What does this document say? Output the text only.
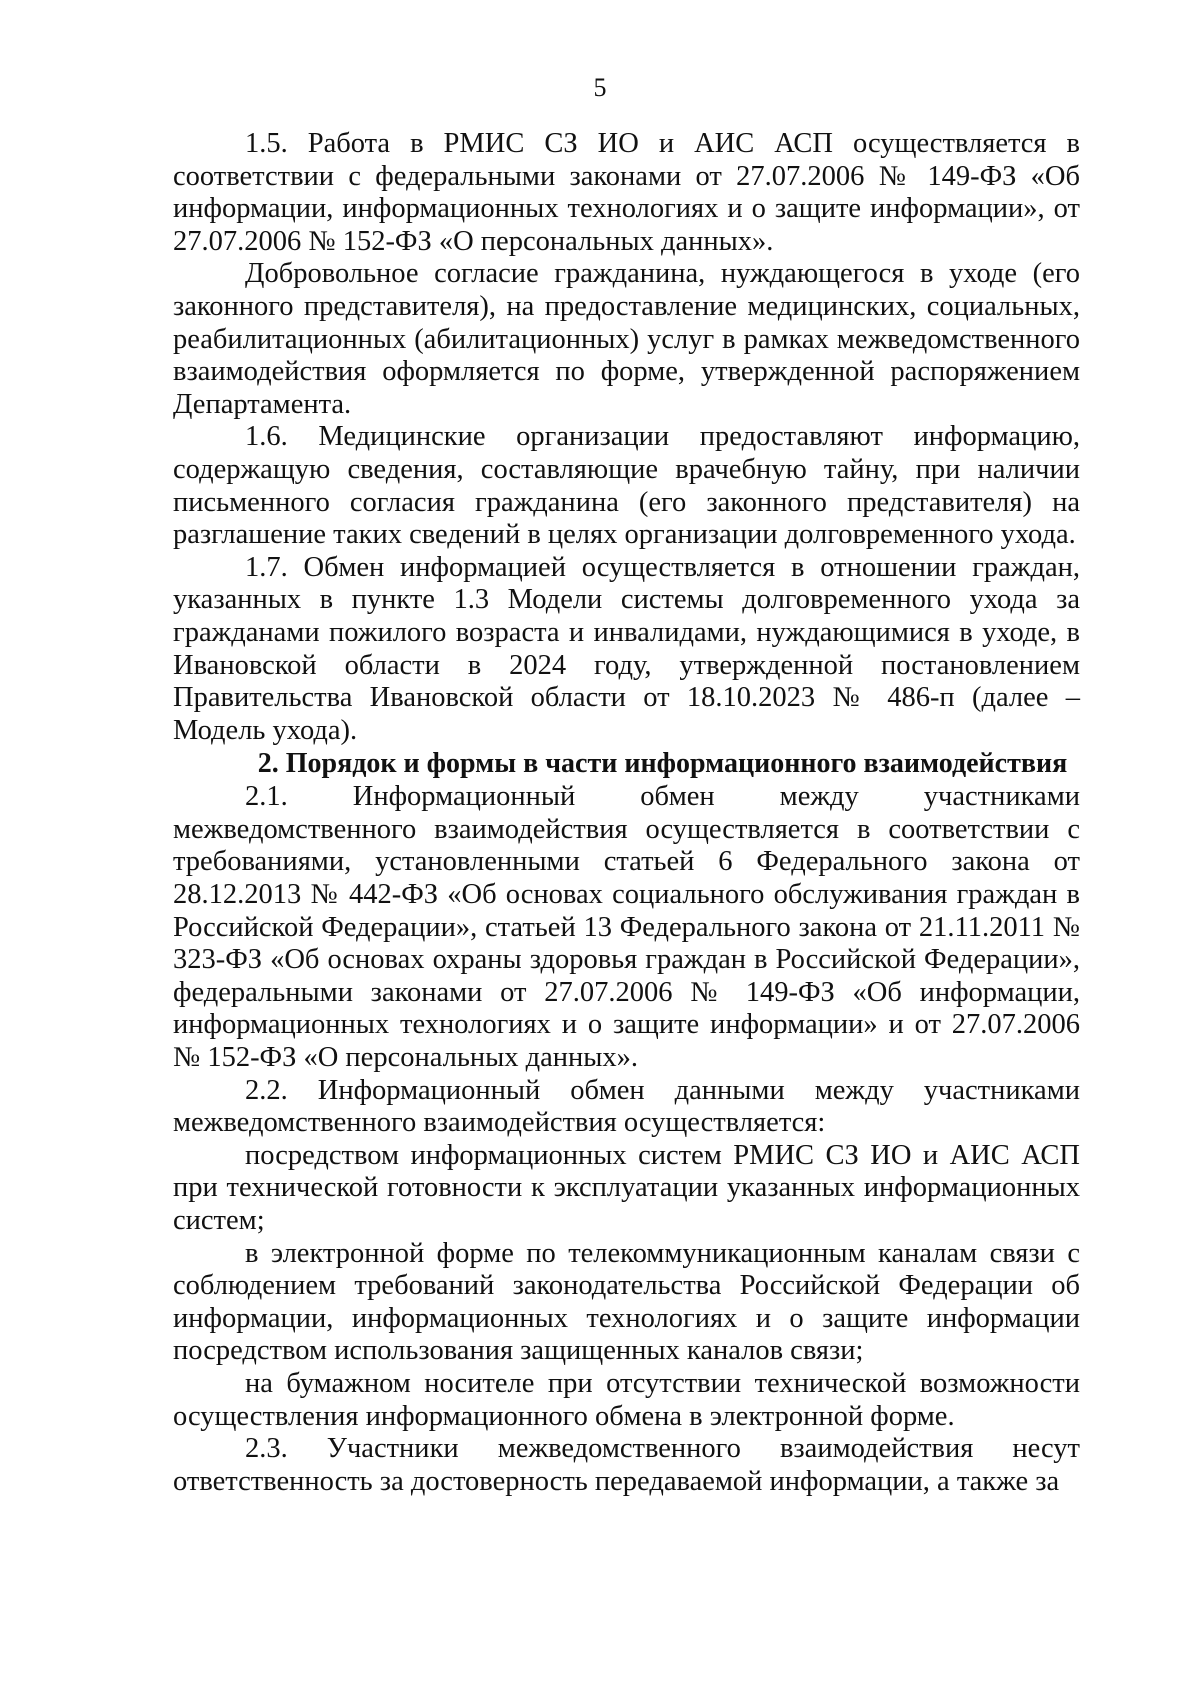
5

1.5. Работа в РМИС СЗ ИО и АИС АСП осуществляется в соответствии с федеральными законами от 27.07.2006 № 149-ФЗ «Об информации, информационных технологиях и о защите информации», от 27.07.2006 № 152-ФЗ «О персональных данных».

Добровольное согласие гражданина, нуждающегося в уходе (его законного представителя), на предоставление медицинских, социальных, реабилитационных (абилитационных) услуг в рамках межведомственного взаимодействия оформляется по форме, утвержденной распоряжением Департамента.

1.6. Медицинские организации предоставляют информацию, содержащую сведения, составляющие врачебную тайну, при наличии письменного согласия гражданина (его законного представителя) на разглашение таких сведений в целях организации долговременного ухода.

1.7. Обмен информацией осуществляется в отношении граждан, указанных в пункте 1.3 Модели системы долговременного ухода за гражданами пожилого возраста и инвалидами, нуждающимися в уходе, в Ивановской области в 2024 году, утвержденной постановлением Правительства Ивановской области от 18.10.2023 № 486-п (далее – Модель ухода).

2. Порядок и формы в части информационного взаимодействия

2.1. Информационный обмен между участниками межведомственного взаимодействия осуществляется в соответствии с требованиями, установленными статьей 6 Федерального закона от 28.12.2013 № 442-ФЗ «Об основах социального обслуживания граждан в Российской Федерации», статьей 13 Федерального закона от 21.11.2011 № 323-ФЗ «Об основах охраны здоровья граждан в Российской Федерации», федеральными законами от 27.07.2006 № 149-ФЗ «Об информации, информационных технологиях и о защите информации» и от 27.07.2006 № 152-ФЗ «О персональных данных».

2.2. Информационный обмен данными между участниками межведомственного взаимодействия осуществляется:

посредством информационных систем РМИС СЗ ИО и АИС АСП при технической готовности к эксплуатации указанных информационных систем;

в электронной форме по телекоммуникационным каналам связи с соблюдением требований законодательства Российской Федерации об информации, информационных технологиях и о защите информации посредством использования защищенных каналов связи;

на бумажном носителе при отсутствии технической возможности осуществления информационного обмена в электронной форме.

2.3. Участники межведомственного взаимодействия несут ответственность за достоверность передаваемой информации, а также за
